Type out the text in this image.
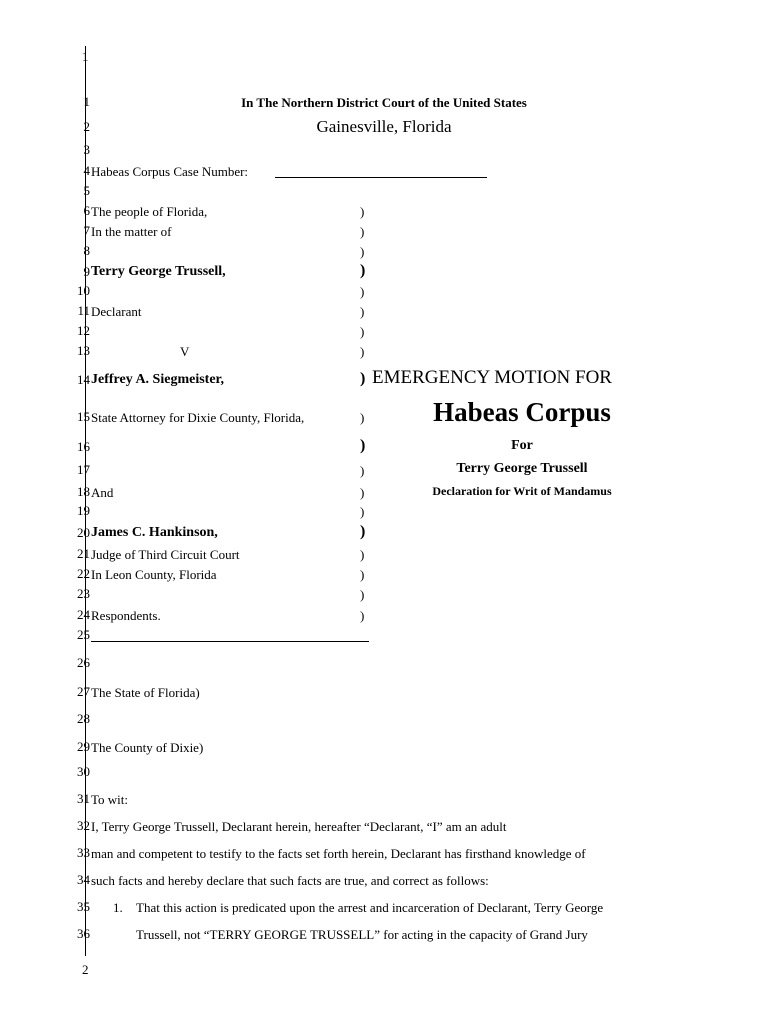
1
In The Northern District Court of the United States
Gainesville, Florida
1
2
3
4
5
6
7
8
9
10
11
12
13
14
15
16
17
18
19
20
21
22
23
24
25
26
27
28
29
30
31
32
33
34
35
36
Habeas Corpus Case Number:
The people of Florida,
In the matter of
Terry George Trussell,
Declarant
V
Jeffrey A. Siegmeister,
State Attorney for Dixie County, Florida,
And
James C. Hankinson,
Judge of Third Circuit Court
In Leon County, Florida
Respondents.
)
)
)
)
)
)
)
)
)
)
)
)
)
)
)
)
)
)
)
EMERGENCY MOTION FOR
Habeas Corpus
For
Terry George Trussell
Declaration for Writ of Mandamus
The State of Florida)
The County of Dixie)
To wit:
I, Terry George Trussell, Declarant herein, hereafter “Declarant, “I” am an adult
man and competent to testify to the facts set forth herein, Declarant has firsthand knowledge of
such facts and hereby declare that such facts are true, and correct as follows:
1. That this action is predicated upon the arrest and incarceration of Declarant, Terry George
Trussell, not “TERRY GEORGE TRUSSELL” for acting in the capacity of Grand Jury
2
